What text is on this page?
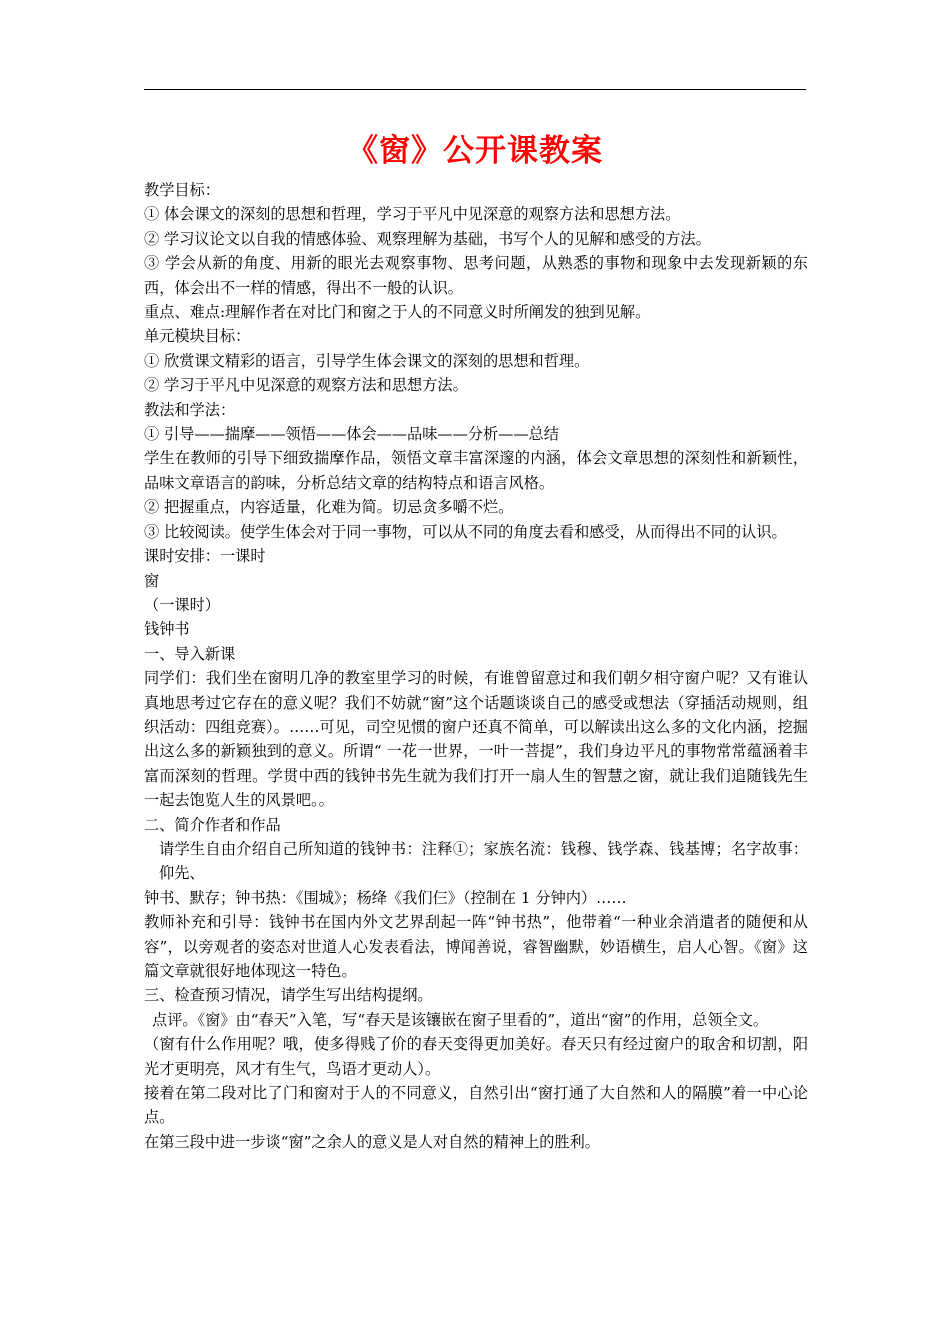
《窗》公开课教案

教学目标：

① 体会课文的深刻的思想和哲理，学习于平凡中见深意的观察方法和思想方法。

② 学习议论文以自我的情感体验、观察理解为基础，书写个人的见解和感受的方法。

③ 学会从新的角度、用新的眼光去观察事物、思考问题，从熟悉的事物和现象中去发现新颖的东西，体会出不一样的情感，得出不一般的认识。

重点、难点:理解作者在对比门和窗之于人的不同意义时所阐发的独到见解。

单元模块目标：

① 欣赏课文精彩的语言，引导学生体会课文的深刻的思想和哲理。

② 学习于平凡中见深意的观察方法和思想方法。

教法和学法：

① 引导——揣摩——领悟——体会——品味——分析——总结

学生在教师的引导下细致揣摩作品，领悟文章丰富深邃的内涵，体会文章思想的深刻性和新颖性，品味文章语言的韵味，分析总结文章的结构特点和语言风格。

② 把握重点，内容适量，化难为简。切忌贪多嚼不烂。

③ 比较阅读。使学生体会对于同一事物，可以从不同的角度去看和感受，从而得出不同的认识。

课时安排：一课时

窗

（一课时）

钱钟书

一、导入新课

同学们：我们坐在窗明几净的教室里学习的时候，有谁曾留意过和我们朝夕相守窗户呢？又有谁认真地思考过它存在的意义呢？我们不妨就“窗”这个话题谈谈自己的感受或想法（穿插活动规则，组织活动：四组竞赛）。……可见，司空见惯的窗户还真不简单，可以解读出这么多的文化内涵，挖掘出这么多的新颖独到的意义。所谓“ 一花一世界，一叶一菩提”，我们身边平凡的事物常常蕴涵着丰富而深刻的哲理。学贯中西的钱钟书先生就为我们打开一扇人生的智慧之窗，就让我们追随钱先生一起去饱览人生的风景吧。。

二、简介作者和作品

请学生自由介绍自己所知道的钱钟书：注释①；家族名流：钱穆、钱学森、钱基博；名字故事：仰先、

钟书、默存；钟书热：《围城》；杨绛《我们仨》（控制在 1 分钟内）……

教师补充和引导：钱钟书在国内外文艺界刮起一阵“钟书热”，他带着“一种业余消遣者的随便和从容”，以旁观者的姿态对世道人心发表看法，博闻善说，睿智幽默，妙语横生，启人心智。《窗》这篇文章就很好地体现这一特色。

三、检查预习情况，请学生写出结构提纲。

点评。《窗》由“春天”入笔，写“春天是该镶嵌在窗子里看的”，道出“窗”的作用，总领全文。

（窗有什么作用呢？哦，使多得贱了价的春天变得更加美好。春天只有经过窗户的取舍和切割，阳光才更明亮，风才有生气，鸟语才更动人）。

接着在第二段对比了门和窗对于人的不同意义，自然引出“窗打通了大自然和人的隔膜”着一中心论点。

在第三段中进一步谈“窗”之余人的意义是人对自然的精神上的胜利。
